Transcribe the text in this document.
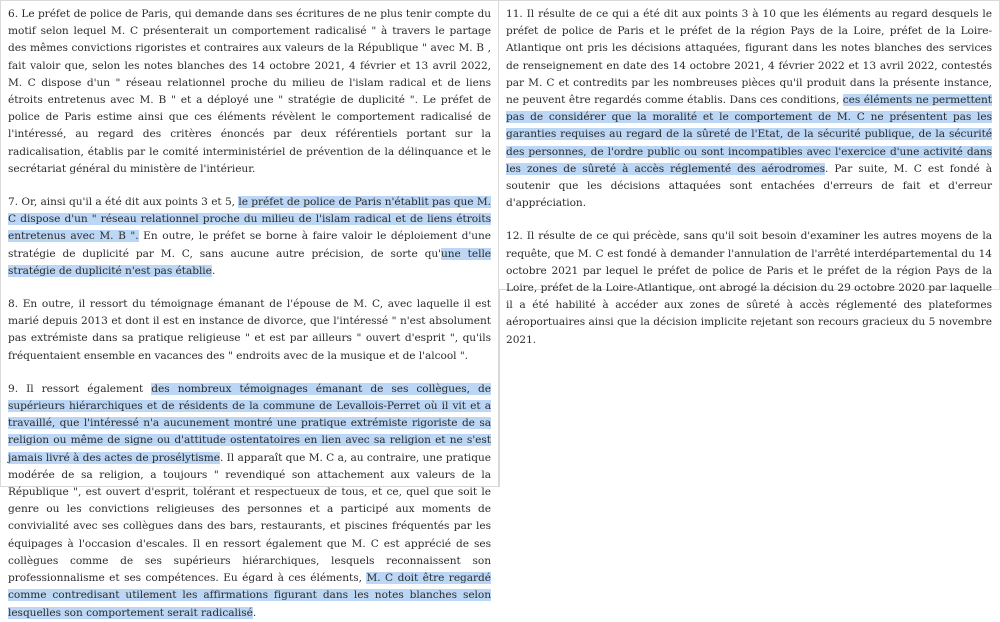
6. Le préfet de police de Paris, qui demande dans ses écritures de ne plus tenir compte du motif selon lequel M. C présenterait un comportement radicalisé " à travers le partage des mêmes convictions rigoristes et contraires aux valeurs de la République " avec M. B , fait valoir que, selon les notes blanches des 14 octobre 2021, 4 février et 13 avril 2022, M. C dispose d'un " réseau relationnel proche du milieu de l'islam radical et de liens étroits entretenus avec M. B " et a déployé une " stratégie de duplicité ". Le préfet de police de Paris estime ainsi que ces éléments révèlent le comportement radicalisé de l'intéressé, au regard des critères énoncés par deux référentiels portant sur la radicalisation, établis par le comité interministériel de prévention de la délinquance et le secrétariat général du ministère de l'intérieur.

7. Or, ainsi qu'il a été dit aux points 3 et 5, le préfet de police de Paris n'établit pas que M. C dispose d'un " réseau relationnel proche du milieu de l'islam radical et de liens étroits entretenus avec M. B ". En outre, le préfet se borne à faire valoir le déploiement d'une stratégie de duplicité par M. C, sans aucune autre précision, de sorte qu'une telle stratégie de duplicité n'est pas établie.

8. En outre, il ressort du témoignage émanant de l'épouse de M. C, avec laquelle il est marié depuis 2013 et dont il est en instance de divorce, que l'intéressé " n'est absolument pas extrémiste dans sa pratique religieuse " et est par ailleurs " ouvert d'esprit ", qu'ils fréquentaient ensemble en vacances des " endroits avec de la musique et de l'alcool ".

9. Il ressort également des nombreux témoignages émanant de ses collègues, de supérieurs hiérarchiques et de résidents de la commune de Levallois-Perret où il vit et a travaillé, que l'intéressé n'a aucunement montré une pratique extrémiste rigoriste de sa religion ou même de signe ou d'attitude ostentatoires en lien avec sa religion et ne s'est jamais livré à des actes de prosélytisme. Il apparaît que M. C a, au contraire, une pratique modérée de sa religion, a toujours " revendiqué son attachement aux valeurs de la République ", est ouvert d'esprit, tolérant et respectueux de tous, et ce, quel que soit le genre ou les convictions religieuses des personnes et a participé aux moments de convivialité avec ses collègues dans des bars, restaurants, et piscines fréquentés par les équipages à l'occasion d'escales. Il en ressort également que M. C est apprécié de ses collègues comme de ses supérieurs hiérarchiques, lesquels reconnaissent son professionnalisme et ses compétences. Eu égard à ces éléments, M. C doit être regardé comme contredisant utilement les affirmations figurant dans les notes blanches selon lesquelles son comportement serait radicalisé.

11. Il résulte de ce qui a été dit aux points 3 à 10 que les éléments au regard desquels le préfet de police de Paris et le préfet de la région Pays de la Loire, préfet de la Loire-Atlantique ont pris les décisions attaquées, figurant dans les notes blanches des services de renseignement en date des 14 octobre 2021, 4 février 2022 et 13 avril 2022, contestés par M. C et contredits par les nombreuses pièces qu'il produit dans la présente instance, ne peuvent être regardés comme établis. Dans ces conditions, ces éléments ne permettent pas de considérer que la moralité et le comportement de M. C ne présentent pas les garanties requises au regard de la sûreté de l'Etat, de la sécurité publique, de la sécurité des personnes, de l'ordre public ou sont incompatibles avec l'exercice d'une activité dans les zones de sûreté à accès réglementé des aérodromes. Par suite, M. C est fondé à soutenir que les décisions attaquées sont entachées d'erreurs de fait et d'erreur d'appréciation.

12. Il résulte de ce qui précède, sans qu'il soit besoin d'examiner les autres moyens de la requête, que M. C est fondé à demander l'annulation de l'arrêté interdépartemental du 14 octobre 2021 par lequel le préfet de police de Paris et le préfet de la région Pays de la Loire, préfet de la Loire-Atlantique, ont abrogé la décision du 29 octobre 2020 par laquelle il a été habilité à accéder aux zones de sûreté à accès réglementé des plateformes aéroportuaires ainsi que la décision implicite rejetant son recours gracieux du 5 novembre 2021.
